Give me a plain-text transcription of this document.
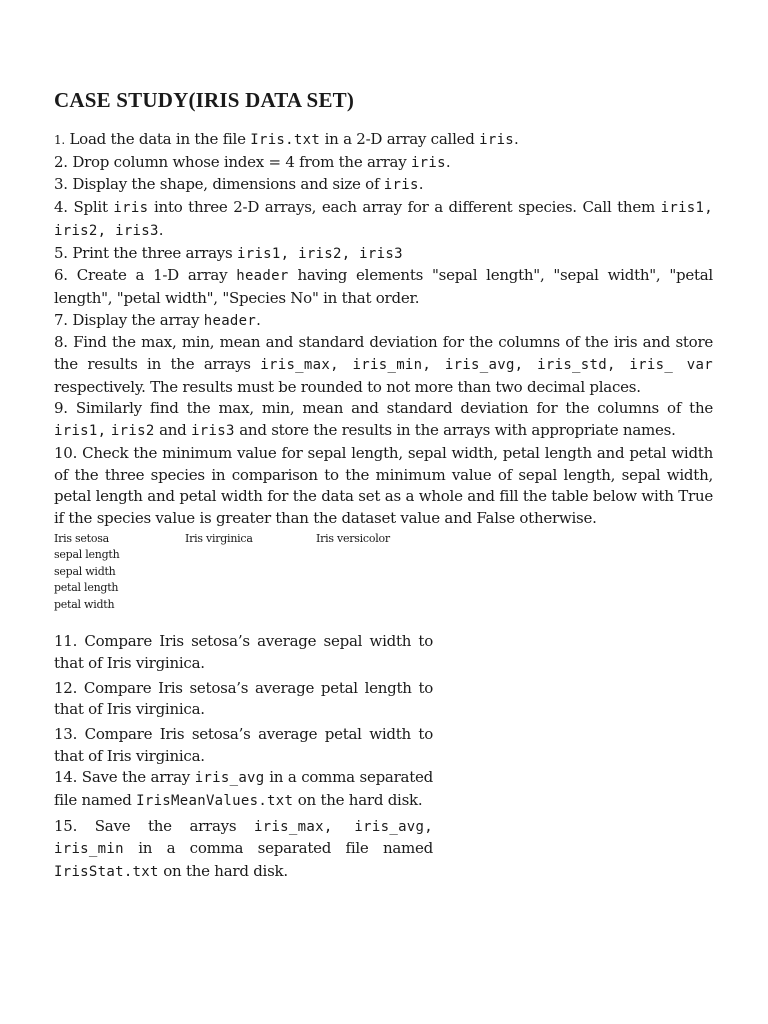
CASE STUDY(IRIS DATA SET)
1. Load the data in the file Iris.txt in a 2-D array called iris.
2. Drop column whose index = 4 from the array iris.
3. Display the shape, dimensions and size of iris.
4. Split iris into three 2-D arrays, each array for a different species. Call them iris1, iris2, iris3.
5. Print the three arrays iris1, iris2, iris3
6. Create a 1-D array header having elements "sepal length", "sepal width", "petal length", "petal width", "Species No" in that order.
7. Display the array header.
8. Find the max, min, mean and standard deviation for the columns of the iris and store the results in the arrays iris_max, iris_min, iris_avg, iris_std, iris_ var respectively. The results must be rounded to not more than two decimal places.
9. Similarly find the max, min, mean and standard deviation for the columns of the iris1, iris2 and iris3 and store the results in the arrays with appropriate names.
10. Check the minimum value for sepal length, sepal width, petal length and petal width of the three species in comparison to the minimum value of sepal length, sepal width, petal length and petal width for the data set as a whole and fill the table below with True if the species value is greater than the dataset value and False otherwise.
Iris setosa	Iris virginica	Iris versicolor
sepal length
sepal width
petal length
petal width
11. Compare Iris setosa’s average sepal width to that of Iris virginica.
12. Compare Iris setosa’s average petal length to that of Iris virginica.
13. Compare Iris setosa’s average petal width to that of Iris virginica.
14. Save the array iris_avg in a comma separated file named IrisMeanValues.txt on the hard disk.
15. Save the arrays iris_max, iris_avg, iris_min in a comma separated file named IrisStat.txt on the hard disk.
